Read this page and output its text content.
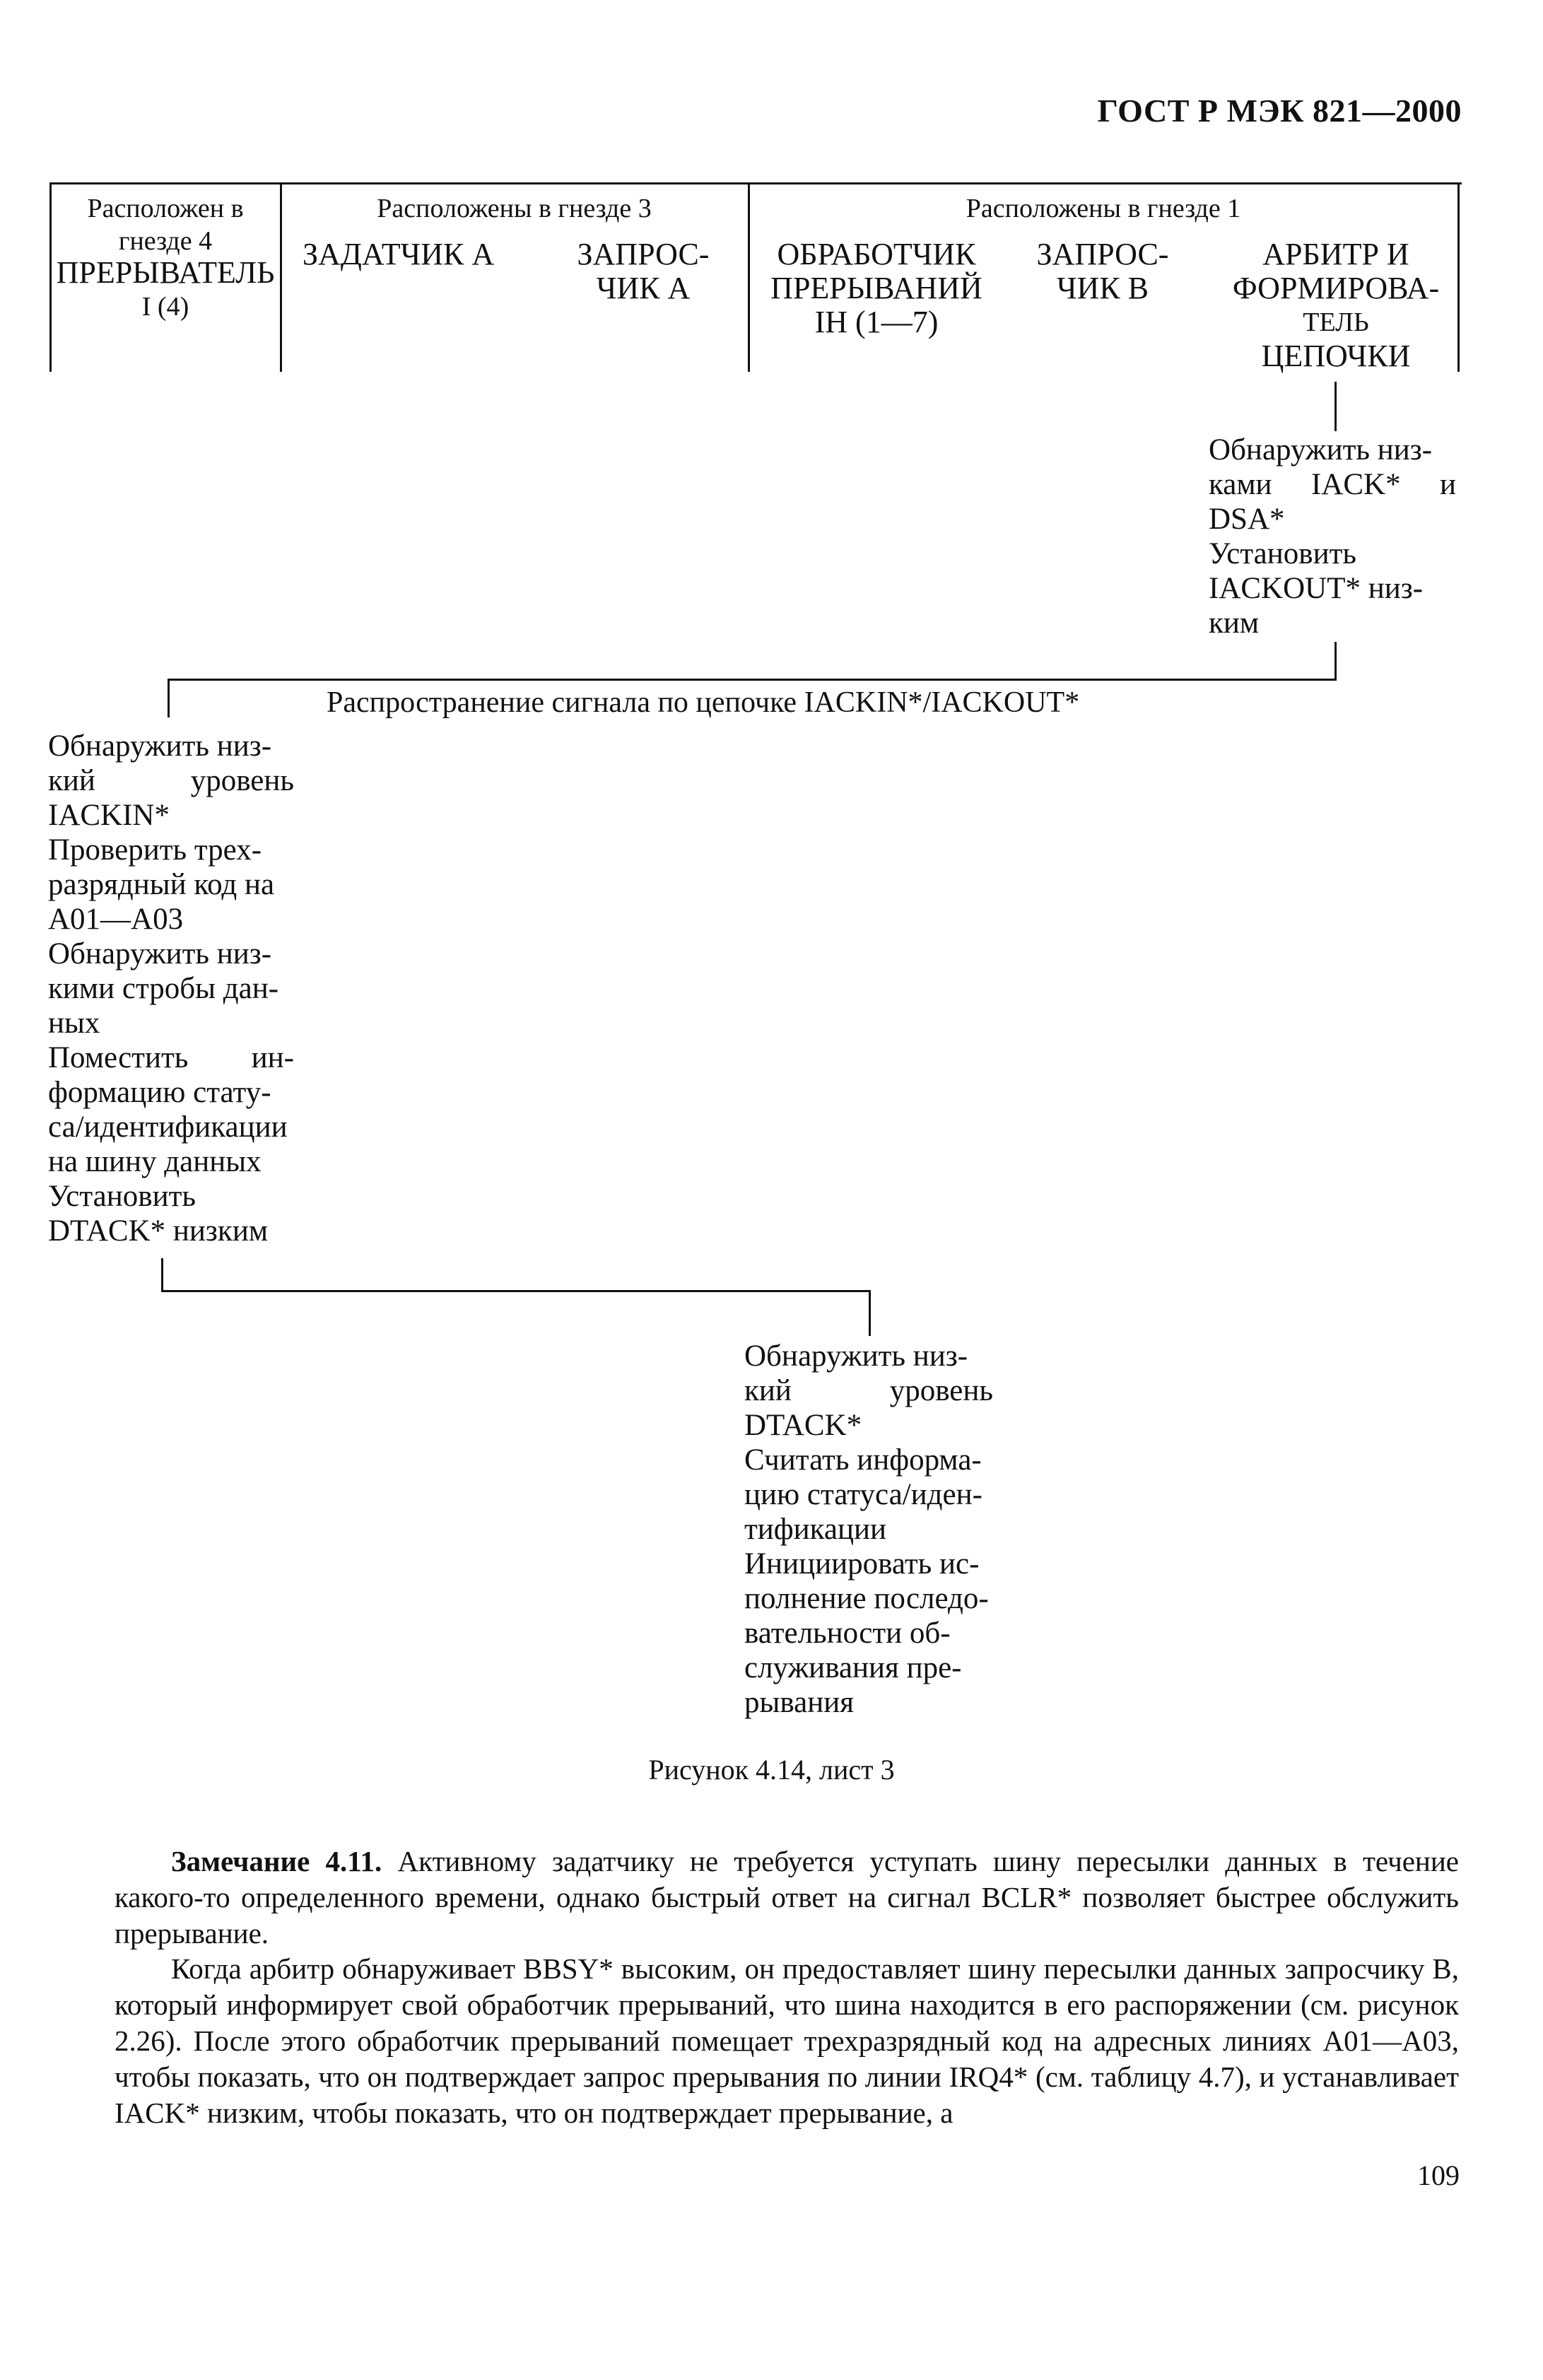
ГОСТ Р МЭК 821—2000
Расположен в
гнезде 4
ПРЕРЫВАТЕЛЬ
I (4)
Расположены в гнезде 3
ЗАДАТЧИК А	ЗАПРОС-
ЧИК А
Расположены в гнезде 1
ОБРАБОТЧИК
ПРЕРЫВАНИЙ
IH (1—7)
ЗАПРОС-
ЧИК В
АРБИТР И
ФОРМИРОВА-
ТЕЛЬ
ЦЕПОЧКИ
Обнаружить низ-
ками IACK* и
DSA*
Установить
IACKOUT* низ-
ким
Распространение сигнала по цепочке IACKIN*/IACKOUT*
Обнаружить низ-
кий уровень
IACKIN*
Проверить трех-
разрядный код на
A01—A03
Обнаружить низ-
кими стробы дан-
ных
Поместить ин-
формацию стату-
са/идентификации
на шину данных
Установить
DTACK* низким
Обнаружить низ-
кий уровень
DTACK*
Считать информа-
цию статуса/иден-
тификации
Инициировать ис-
полнение последо-
вательности об-
служивания пре-
рывания
Рисунок 4.14, лист 3
Замечание 4.11. Активному задатчику не требуется уступать шину пересылки данных в течение какого-то определенного времени, однако быстрый ответ на сигнал BCLR* позволяет быстрее обслужить прерывание.
Когда арбитр обнаруживает BBSY* высоким, он предоставляет шину пересылки данных запросчику В, который информирует свой обработчик прерываний, что шина находится в его распоряжении (см. рисунок 2.26). После этого обработчик прерываний помещает трехразрядный код на адресных линиях A01—A03, чтобы показать, что он подтверждает запрос прерывания по линии IRQ4* (см. таблицу 4.7), и устанавливает IACK* низким, чтобы показать, что он подтверждает прерывание, а
109
